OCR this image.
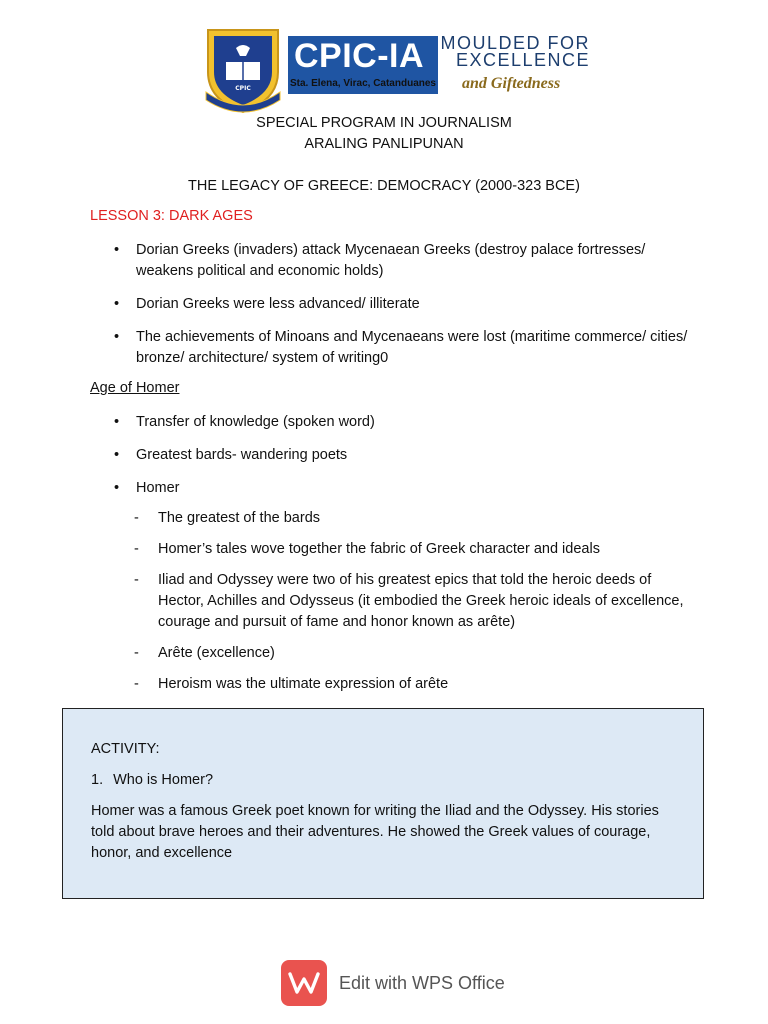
CPIC
CPIC-IA
Sta. Elena, Virac, Catanduanes
MOULDED FOR
EXCELLENCE
and Giftedness
SPECIAL PROGRAM IN JOURNALISM
ARALING PANLIPUNAN
THE LEGACY OF GREECE: DEMOCRACY (2000-323 BCE)
LESSON 3: DARK AGES
• Dorian Greeks (invaders) attack Mycenaean Greeks (destroy palace fortresses/ weakens political and economic holds)
• Dorian Greeks were less advanced/ illiterate
• The achievements of Minoans and Mycenaeans were lost (maritime commerce/ cities/ bronze/ architecture/ system of writing0
Age of Homer
• Transfer of knowledge (spoken word)
• Greatest bards- wandering poets
• Homer
- The greatest of the bards
- Homer’s tales wove together the fabric of Greek character and ideals
- Iliad and Odyssey were two of his greatest epics that told the heroic deeds of Hector, Achilles and Odysseus (it embodied the Greek heroic ideals of excellence, courage and pursuit of fame and honor known as arête)
- Arête (excellence)
- Heroism was the ultimate expression of arête
ACTIVITY:
1. Who is Homer?
Homer was a famous Greek poet known for writing the Iliad and the Odyssey. His stories told about brave heroes and their adventures. He showed the Greek values of courage, honor, and excellence
Edit with WPS Office
